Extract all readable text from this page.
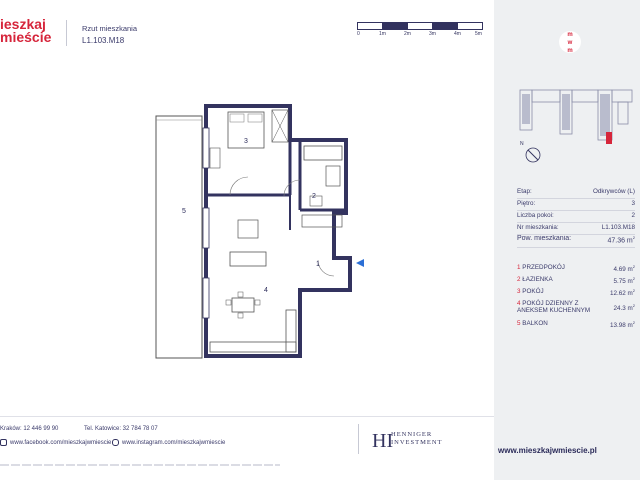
ieszkaj
mieście
Rzut mieszkania
L1.103.M18
0	1m	2m	3m	4m	5m
3
2
1
4
5
Kraków: 12 446 99 90	Tel. Katowice: 32 784 78 07
www.facebook.com/mieszkajwmiescie www.instagram.com/mieszkajwmiescie	HI
HENNIGER
INVESTMENT
m
w
m
N
Etap:	Odkrywców (L)
Piętro:	3
Liczba pokoi:	2
Nr mieszkania:	L1.103.M18
Pow. mieszkania:	47.36 $m^2$
1 PRZEDPOKÓJ	4.69 $m^2$
2 ŁAZIENKA	5.75 $m^2$
3 POKÓJ	12.62 $m^2$
4 POKÓJ DZIENNY Z
ANEKSEM KUCHENNYM	24.3 $m^2$
5 BALKON	13.98 $m^2$
www.mieszkajwmiescie.pl
